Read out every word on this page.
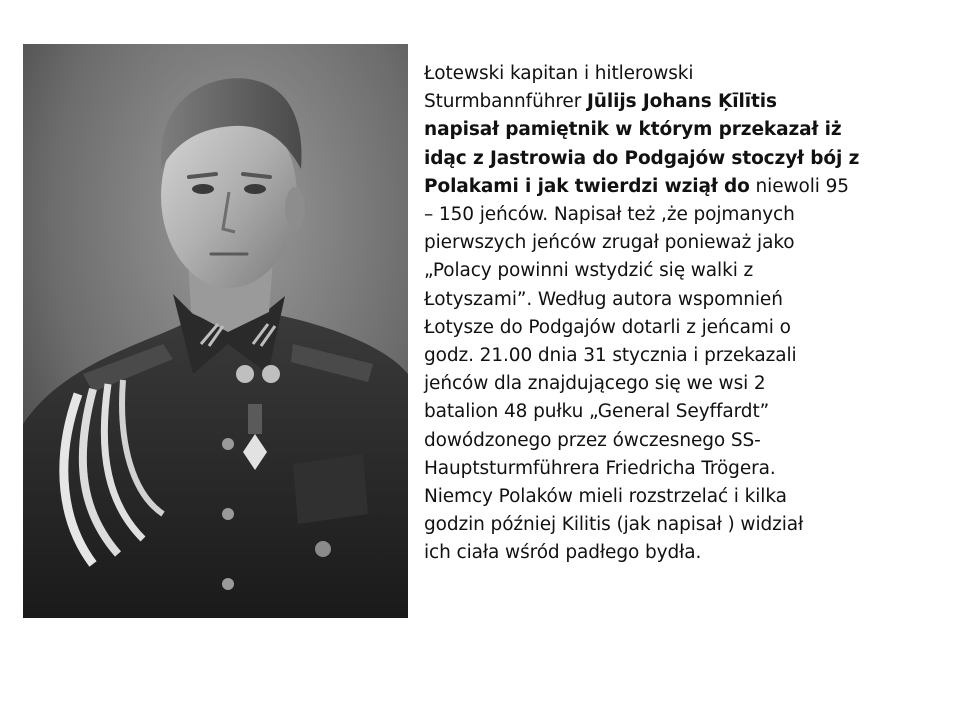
Łotewski kapitan i hitlerowski
Sturmbannführer Jūlijs Johans Ķīlītis
napisał pamiętnik w którym przekazał iż
idąc z Jastrowia do Podgajów stoczył bój z
Polakami i jak twierdzi wziął do niewoli 95
– 150 jeńców. Napisał też ,że pojmanych
pierwszych jeńców zrugał ponieważ jako
„Polacy powinni wstydzić się walki z
Łotyszami”. Według autora wspomnień
Łotysze do Podgajów dotarli z jeńcami o
godz. 21.00 dnia 31 stycznia i przekazali
jeńców dla znajdującego się we wsi 2
batalion 48 pułku „General Seyffardt”
dowódzonego przez ówczesnego SS-
Hauptsturmführera Friedricha Trögera.
Niemcy Polaków mieli rozstrzelać i kilka
godzin później Kilitis (jak napisał ) widział
ich ciała wśród padłego bydła.
